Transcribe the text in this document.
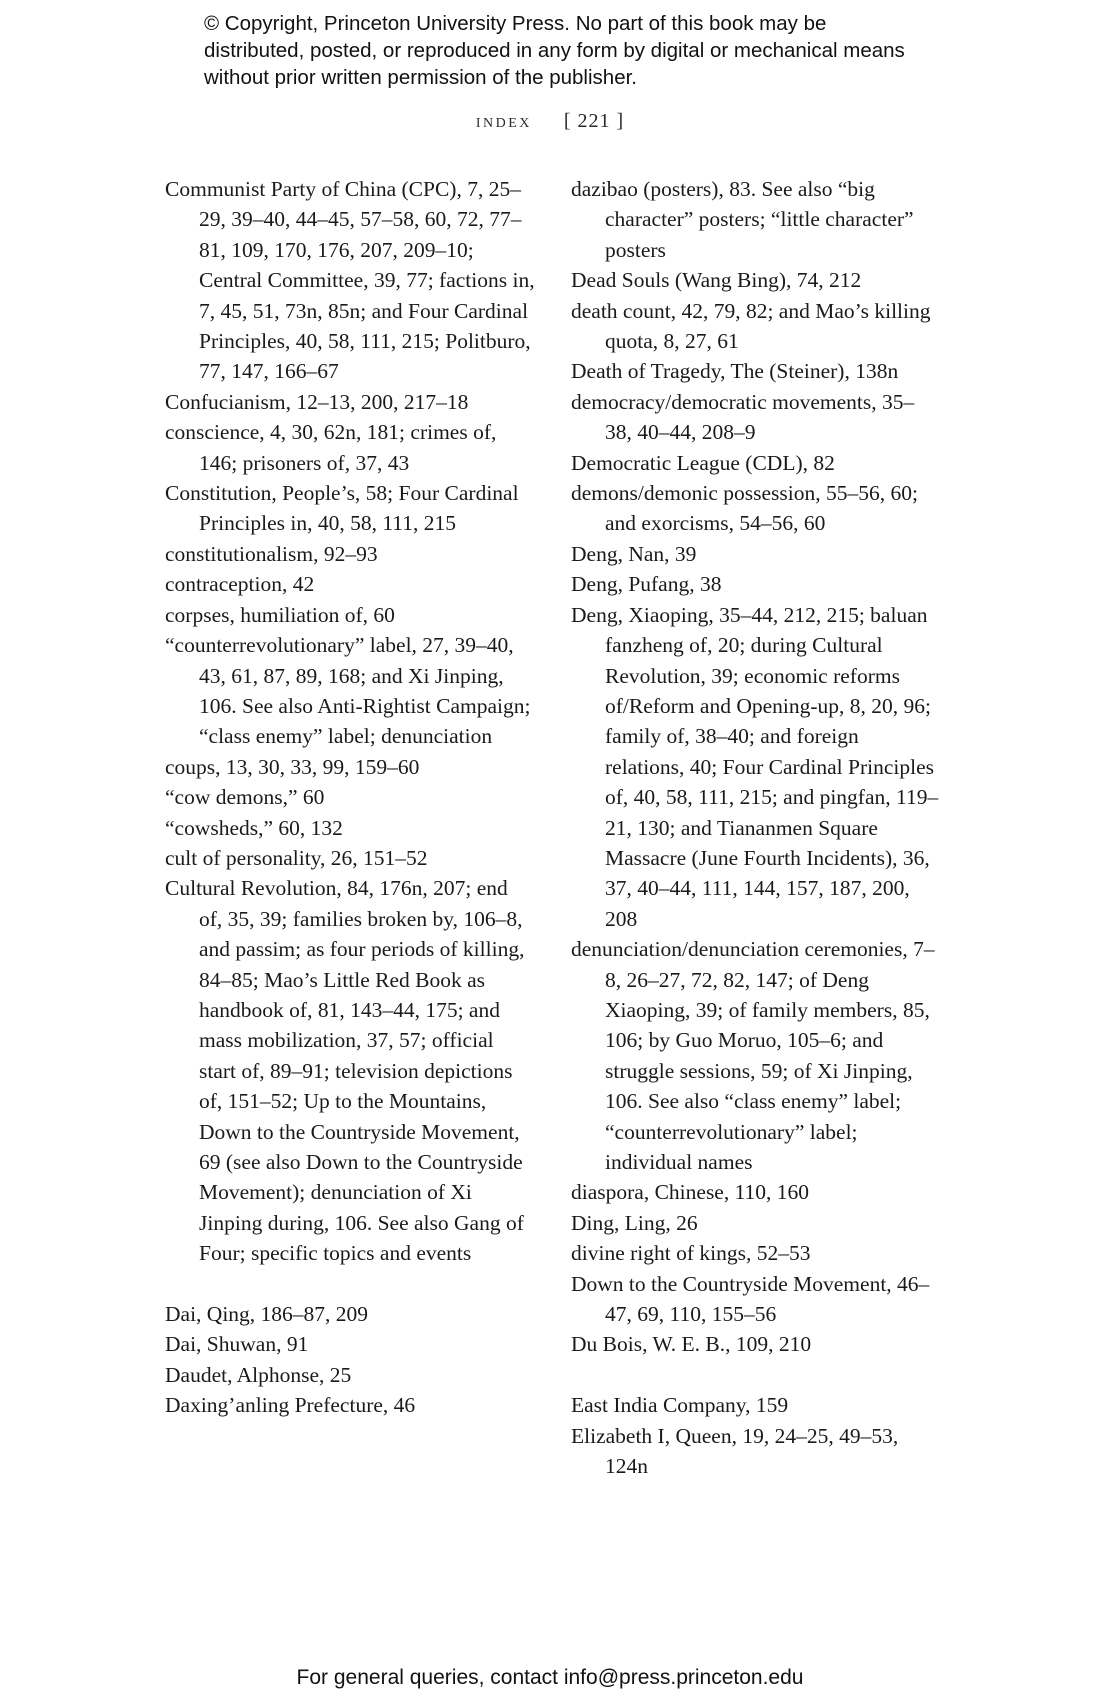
© Copyright, Princeton University Press. No part of this book may be distributed, posted, or reproduced in any form by digital or mechanical means without prior written permission of the publisher.
index [ 221 ]
Communist Party of China (CPC), 7, 25–29, 39–40, 44–45, 57–58, 60, 72, 77–81, 109, 170, 176, 207, 209–10; Central Committee, 39, 77; factions in, 7, 45, 51, 73n, 85n; and Four Cardinal Principles, 40, 58, 111, 215; Politburo, 77, 147, 166–67
Confucianism, 12–13, 200, 217–18
conscience, 4, 30, 62n, 181; crimes of, 146; prisoners of, 37, 43
Constitution, People’s, 58; Four Cardinal Principles in, 40, 58, 111, 215
constitutionalism, 92–93
contraception, 42
corpses, humiliation of, 60
“counterrevolutionary” label, 27, 39–40, 43, 61, 87, 89, 168; and Xi Jinping, 106. See also Anti-Rightist Campaign; “class enemy” label; denunciation
coups, 13, 30, 33, 99, 159–60
“cow demons,” 60
“cowsheds,” 60, 132
cult of personality, 26, 151–52
Cultural Revolution, 84, 176n, 207; end of, 35, 39; families broken by, 106–8, and passim; as four periods of killing, 84–85; Mao’s Little Red Book as handbook of, 81, 143–44, 175; and mass mobilization, 37, 57; official start of, 89–91; television depictions of, 151–52; Up to the Mountains, Down to the Countryside Movement, 69 (see also Down to the Countryside Movement); denunciation of Xi Jinping during, 106. See also Gang of Four; specific topics and events
Dai, Qing, 186–87, 209
Dai, Shuwan, 91
Daudet, Alphonse, 25
Daxing’anling Prefecture, 46
dazibao (posters), 83. See also “big character” posters; “little character” posters
Dead Souls (Wang Bing), 74, 212
death count, 42, 79, 82; and Mao’s killing quota, 8, 27, 61
Death of Tragedy, The (Steiner), 138n
democracy/democratic movements, 35–38, 40–44, 208–9
Democratic League (CDL), 82
demons/demonic possession, 55–56, 60; and exorcisms, 54–56, 60
Deng, Nan, 39
Deng, Pufang, 38
Deng, Xiaoping, 35–44, 212, 215; baluan fanzheng of, 20; during Cultural Revolution, 39; economic reforms of/Reform and Opening-up, 8, 20, 96; family of, 38–40; and foreign relations, 40; Four Cardinal Principles of, 40, 58, 111, 215; and pingfan, 119–21, 130; and Tiananmen Square Massacre (June Fourth Incidents), 36, 37, 40–44, 111, 144, 157, 187, 200, 208
denunciation/denunciation ceremonies, 7–8, 26–27, 72, 82, 147; of Deng Xiaoping, 39; of family members, 85, 106; by Guo Moruo, 105–6; and struggle sessions, 59; of Xi Jinping, 106. See also “class enemy” label; “counterrevolutionary” label; individual names
diaspora, Chinese, 110, 160
Ding, Ling, 26
divine right of kings, 52–53
Down to the Countryside Movement, 46–47, 69, 110, 155–56
Du Bois, W. E. B., 109, 210
East India Company, 159
Elizabeth I, Queen, 19, 24–25, 49–53, 124n
For general queries, contact info@press.princeton.edu
